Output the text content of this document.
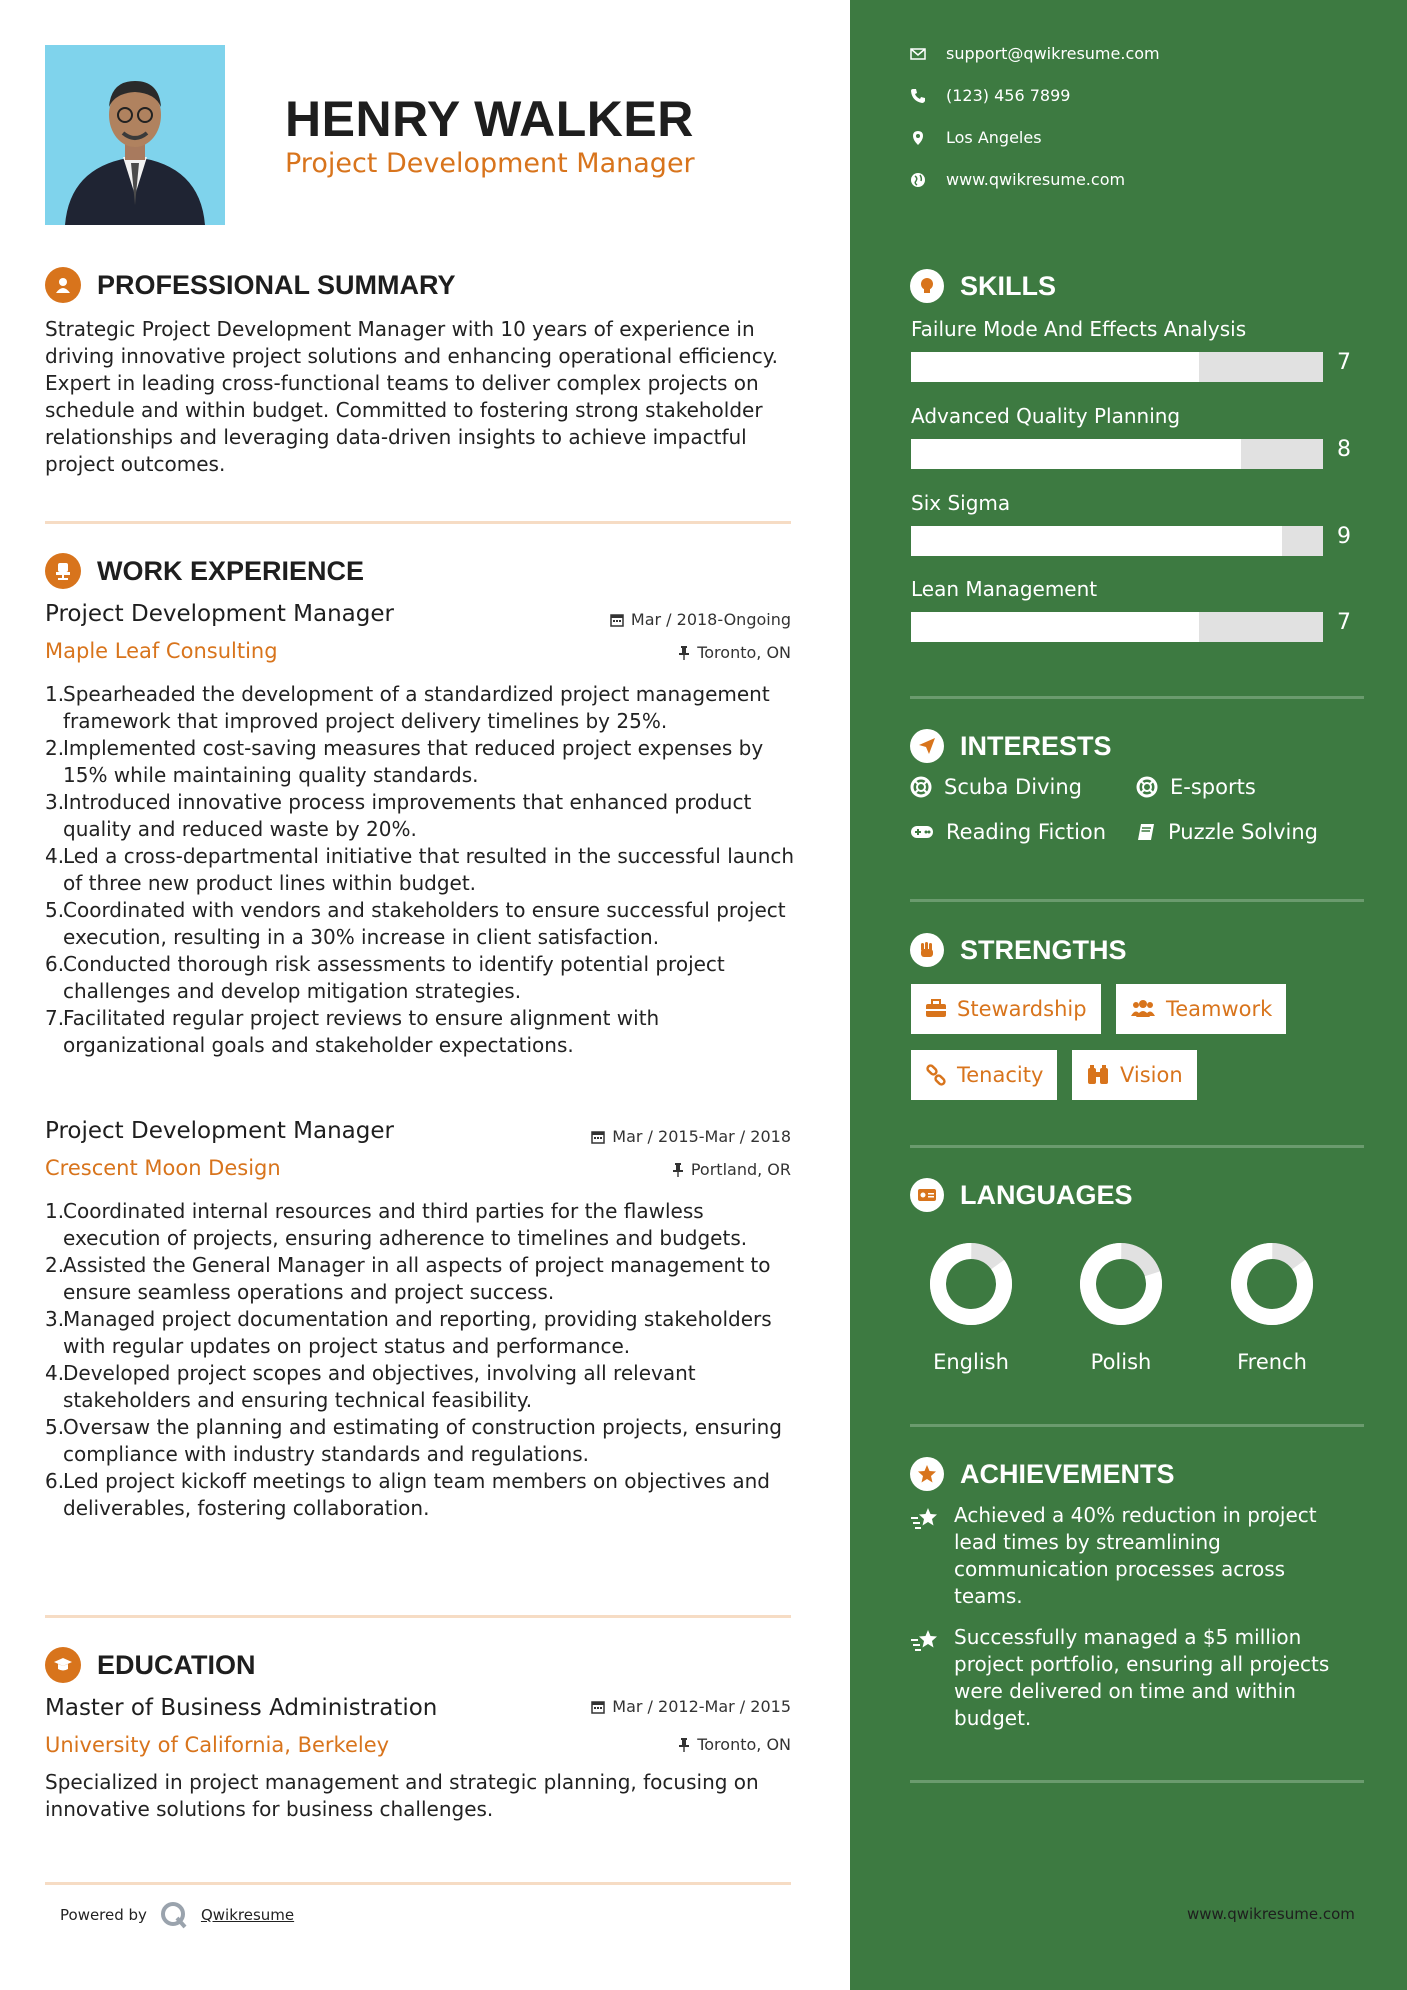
HENRY WALKER
Project Development Manager
PROFESSIONAL SUMMARY
Strategic Project Development Manager with 10 years of experience in driving innovative project solutions and enhancing operational efficiency. Expert in leading cross-functional teams to deliver complex projects on schedule and within budget. Committed to fostering strong stakeholder relationships and leveraging data-driven insights to achieve impactful project outcomes.
WORK EXPERIENCE
Project Development Manager
Maple Leaf Consulting
Mar / 2018-Ongoing
Toronto, ON
1.
Spearheaded the development of a standardized project management framework that improved project delivery timelines by 25%.
2.
Implemented cost-saving measures that reduced project expenses by 15% while maintaining quality standards.
3.
Introduced innovative process improvements that enhanced product quality and reduced waste by 20%.
4.
Led a cross-departmental initiative that resulted in the successful launch of three new product lines within budget.
5.
Coordinated with vendors and stakeholders to ensure successful project execution, resulting in a 30% increase in client satisfaction.
6.
Conducted thorough risk assessments to identify potential project challenges and develop mitigation strategies.
7.
Facilitated regular project reviews to ensure alignment with organizational goals and stakeholder expectations.
Project Development Manager
Crescent Moon Design
Mar / 2015-Mar / 2018
Portland, OR
1.
Coordinated internal resources and third parties for the flawless execution of projects, ensuring adherence to timelines and budgets.
2.
Assisted the General Manager in all aspects of project management to ensure seamless operations and project success.
3.
Managed project documentation and reporting, providing stakeholders with regular updates on project status and performance.
4.
Developed project scopes and objectives, involving all relevant stakeholders and ensuring technical feasibility.
5.
Oversaw the planning and estimating of construction projects, ensuring compliance with industry standards and regulations.
6.
Led project kickoff meetings to align team members on objectives and deliverables, fostering collaboration.
EDUCATION
Master of Business Administration
University of California, Berkeley
Mar / 2012-Mar / 2015
Toronto, ON
Specialized in project management and strategic planning, focusing on innovative solutions for business challenges.
Powered by	Qwikresume
support@qwikresume.com
(123) 456 7899
Los Angeles
www.qwikresume.com
SKILLS
Failure Mode And Effects Analysis
7
Advanced Quality Planning
8
Six Sigma
9
Lean Management
7
INTERESTS
Scuba Diving	E-sports
Reading Fiction	Puzzle Solving
STRENGTHS
Stewardship	Teamwork
Tenacity	Vision
LANGUAGES
English	Polish	French
ACHIEVEMENTS
Achieved a 40% reduction in project lead times by streamlining communication processes across teams.
Successfully managed a $5 million project portfolio, ensuring all projects were delivered on time and within budget.
www.qwikresume.com
